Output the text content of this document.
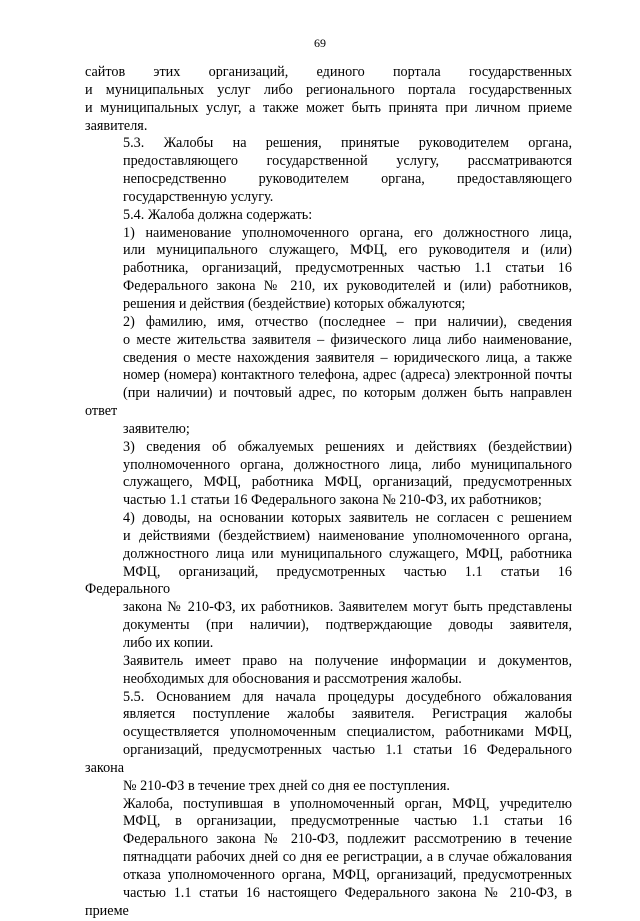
69
сайтов этих организаций, единого портала государственных
и муниципальных услуг либо регионального портала государственных
и муниципальных услуг, а также может быть принята при личном приеме
заявителя.
5.3. Жалобы на решения, принятые руководителем органа,
предоставляющего государственной услугу, рассматриваются
непосредственно руководителем органа, предоставляющего
государственную услугу.
5.4. Жалоба должна содержать:
1) наименование уполномоченного органа, его должностного лица,
или муниципального служащего, МФЦ, его руководителя и (или)
работника, организаций, предусмотренных частью 1.1 статьи 16
Федерального закона № 210, их руководителей и (или) работников,
решения и действия (бездействие) которых обжалуются;
2) фамилию, имя, отчество (последнее – при наличии), сведения
о месте жительства заявителя – физического лица либо наименование,
сведения о месте нахождения заявителя – юридического лица, а также
номер (номера) контактного телефона, адрес (адреса) электронной почты
(при наличии) и почтовый адрес, по которым должен быть направлен ответ
заявителю;
3) сведения об обжалуемых решениях и действиях (бездействии)
уполномоченного органа, должностного лица, либо муниципального
служащего, МФЦ, работника МФЦ, организаций, предусмотренных
частью 1.1 статьи 16 Федерального закона № 210-ФЗ, их работников;
4) доводы, на основании которых заявитель не согласен с решением
и действиями (бездействием) наименование уполномоченного органа,
должностного лица или муниципального служащего, МФЦ, работника
МФЦ, организаций, предусмотренных частью 1.1 статьи 16 Федерального
закона № 210-ФЗ, их работников. Заявителем могут быть представлены
документы (при наличии), подтверждающие доводы заявителя,
либо их копии.
Заявитель имеет право на получение информации и документов,
необходимых для обоснования и рассмотрения жалобы.
5.5. Основанием для начала процедуры досудебного обжалования
является поступление жалобы заявителя. Регистрация жалобы
осуществляется уполномоченным специалистом, работниками МФЦ,
организаций, предусмотренных частью 1.1 статьи 16 Федерального закона
№ 210-ФЗ в течение трех дней со дня ее поступления.
Жалоба, поступившая в уполномоченный орган, МФЦ, учредителю
МФЦ, в организации, предусмотренные частью 1.1 статьи 16
Федерального закона № 210-ФЗ, подлежит рассмотрению в течение
пятнадцати рабочих дней со дня ее регистрации, а в случае обжалования
отказа уполномоченного органа, МФЦ, организаций, предусмотренных
частью 1.1 статьи 16 настоящего Федерального закона № 210-ФЗ, в приеме
